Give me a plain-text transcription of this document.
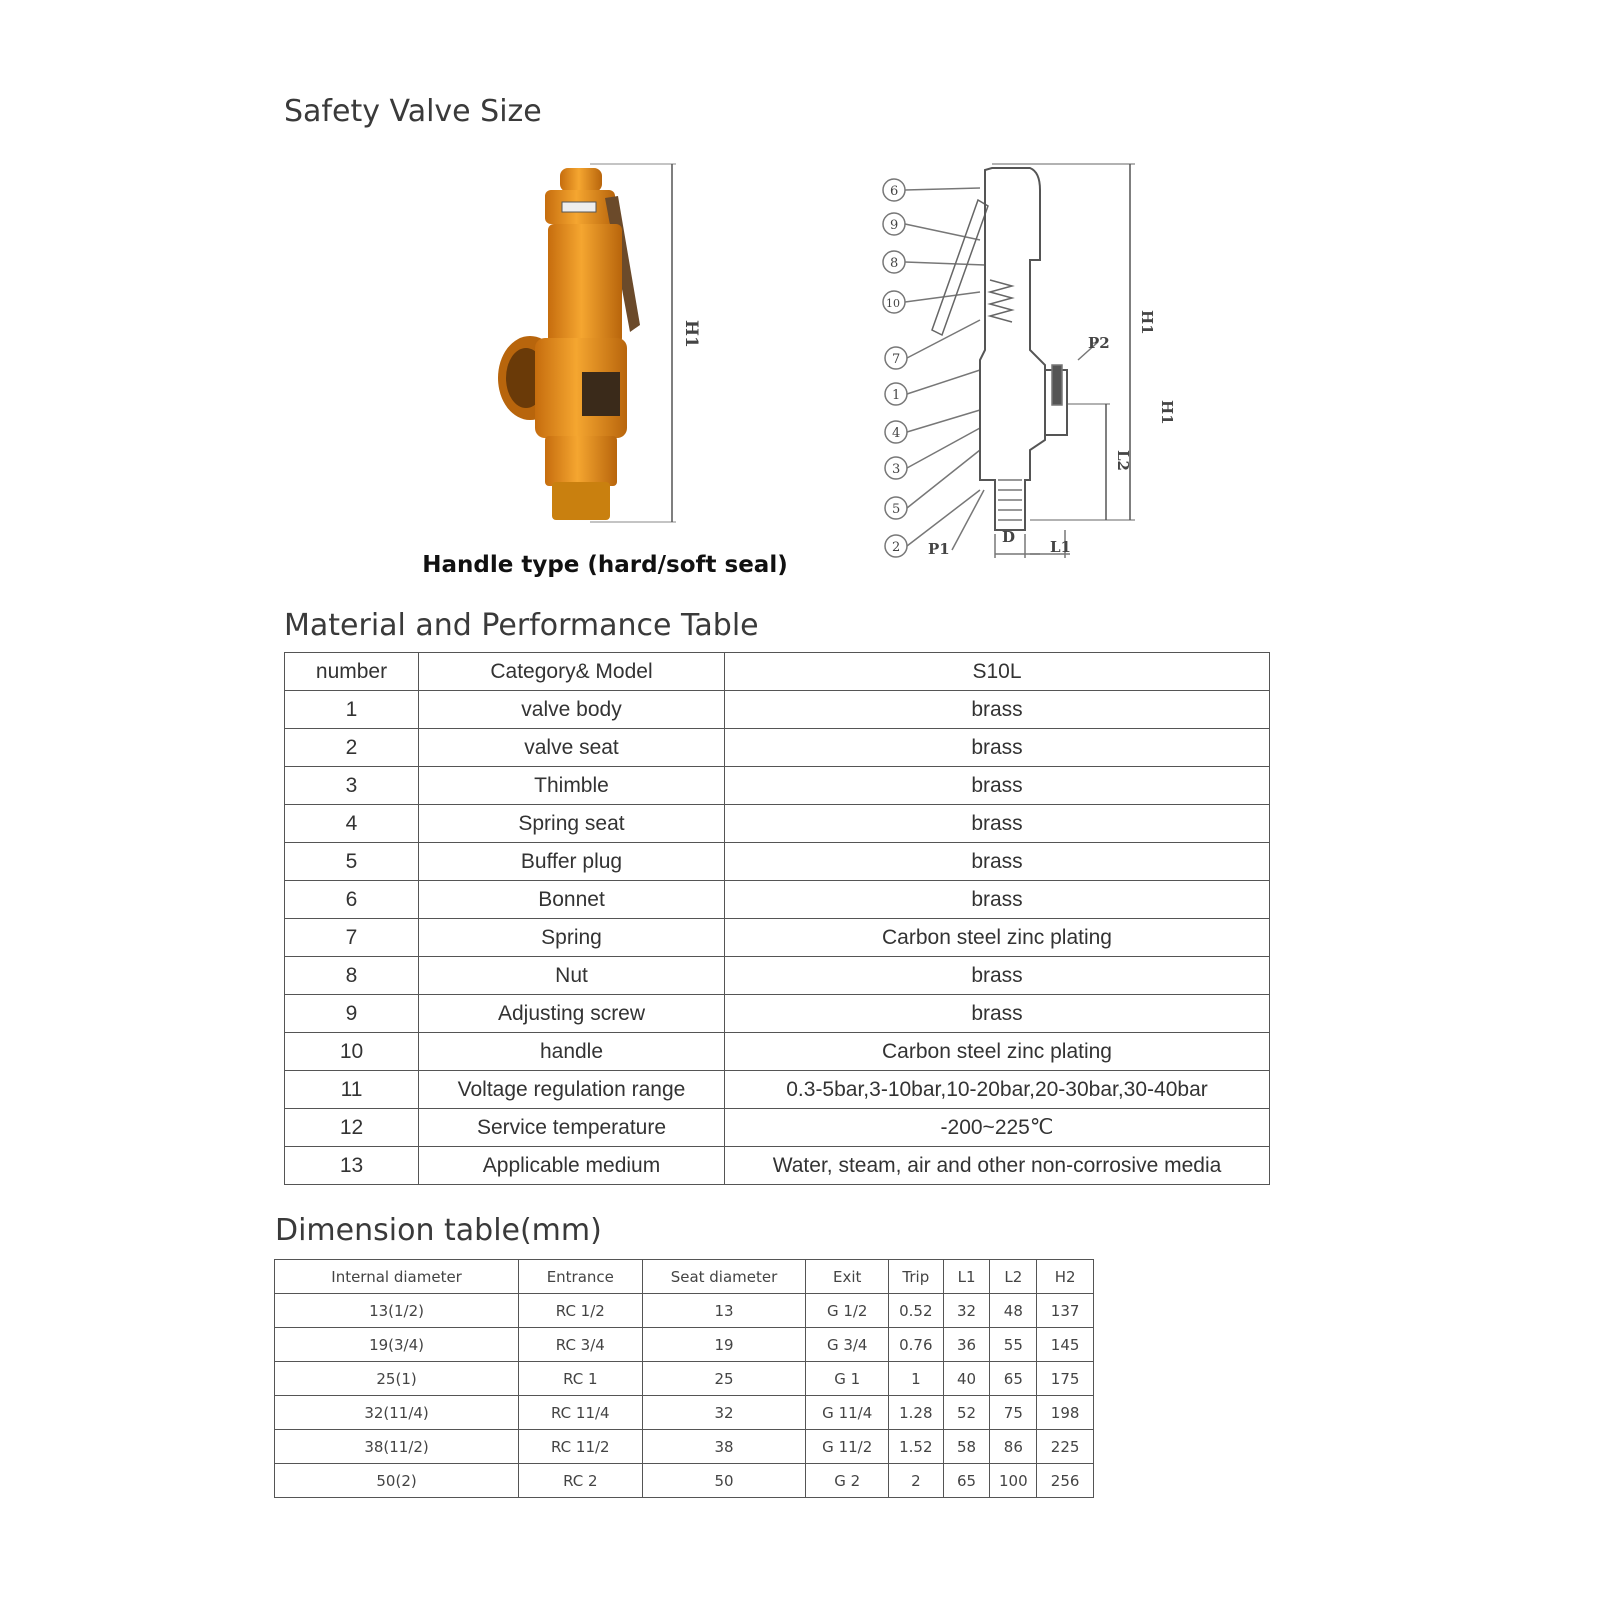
Safety Valve Size
H1
Handle type (hard/soft seal)
6
9
8
10
7
1
4
3
5
2
H1
H1
L2
P1
P2
D
L1
Material and Performance Table
number	Category& Model	S10L
1	valve body	brass
2	valve seat	brass
3	Thimble	brass
4	Spring seat	brass
5	Buffer plug	brass
6	Bonnet	brass
7	Spring	Carbon steel zinc plating
8	Nut	brass
9	Adjusting screw	brass
10	handle	Carbon steel zinc plating
11	Voltage regulation range	0.3-5bar,3-10bar,10-20bar,20-30bar,30-40bar
12	Service temperature	-200~225℃
13	Applicable medium	Water, steam, air and other non-corrosive media
Dimension table(mm)
Internal diameter	Entrance	Seat diameter	Exit	Trip	L1	L2	H2
13(1/2)	RC 1/2	13	G 1/2	0.52	32	48	137
19(3/4)	RC 3/4	19	G 3/4	0.76	36	55	145
25(1)	RC 1	25	G 1	1	40	65	175
32(11/4)	RC 11/4	32	G 11/4	1.28	52	75	198
38(11/2)	RC 11/2	38	G 11/2	1.52	58	86	225
50(2)	RC 2	50	G 2	2	65	100	256
